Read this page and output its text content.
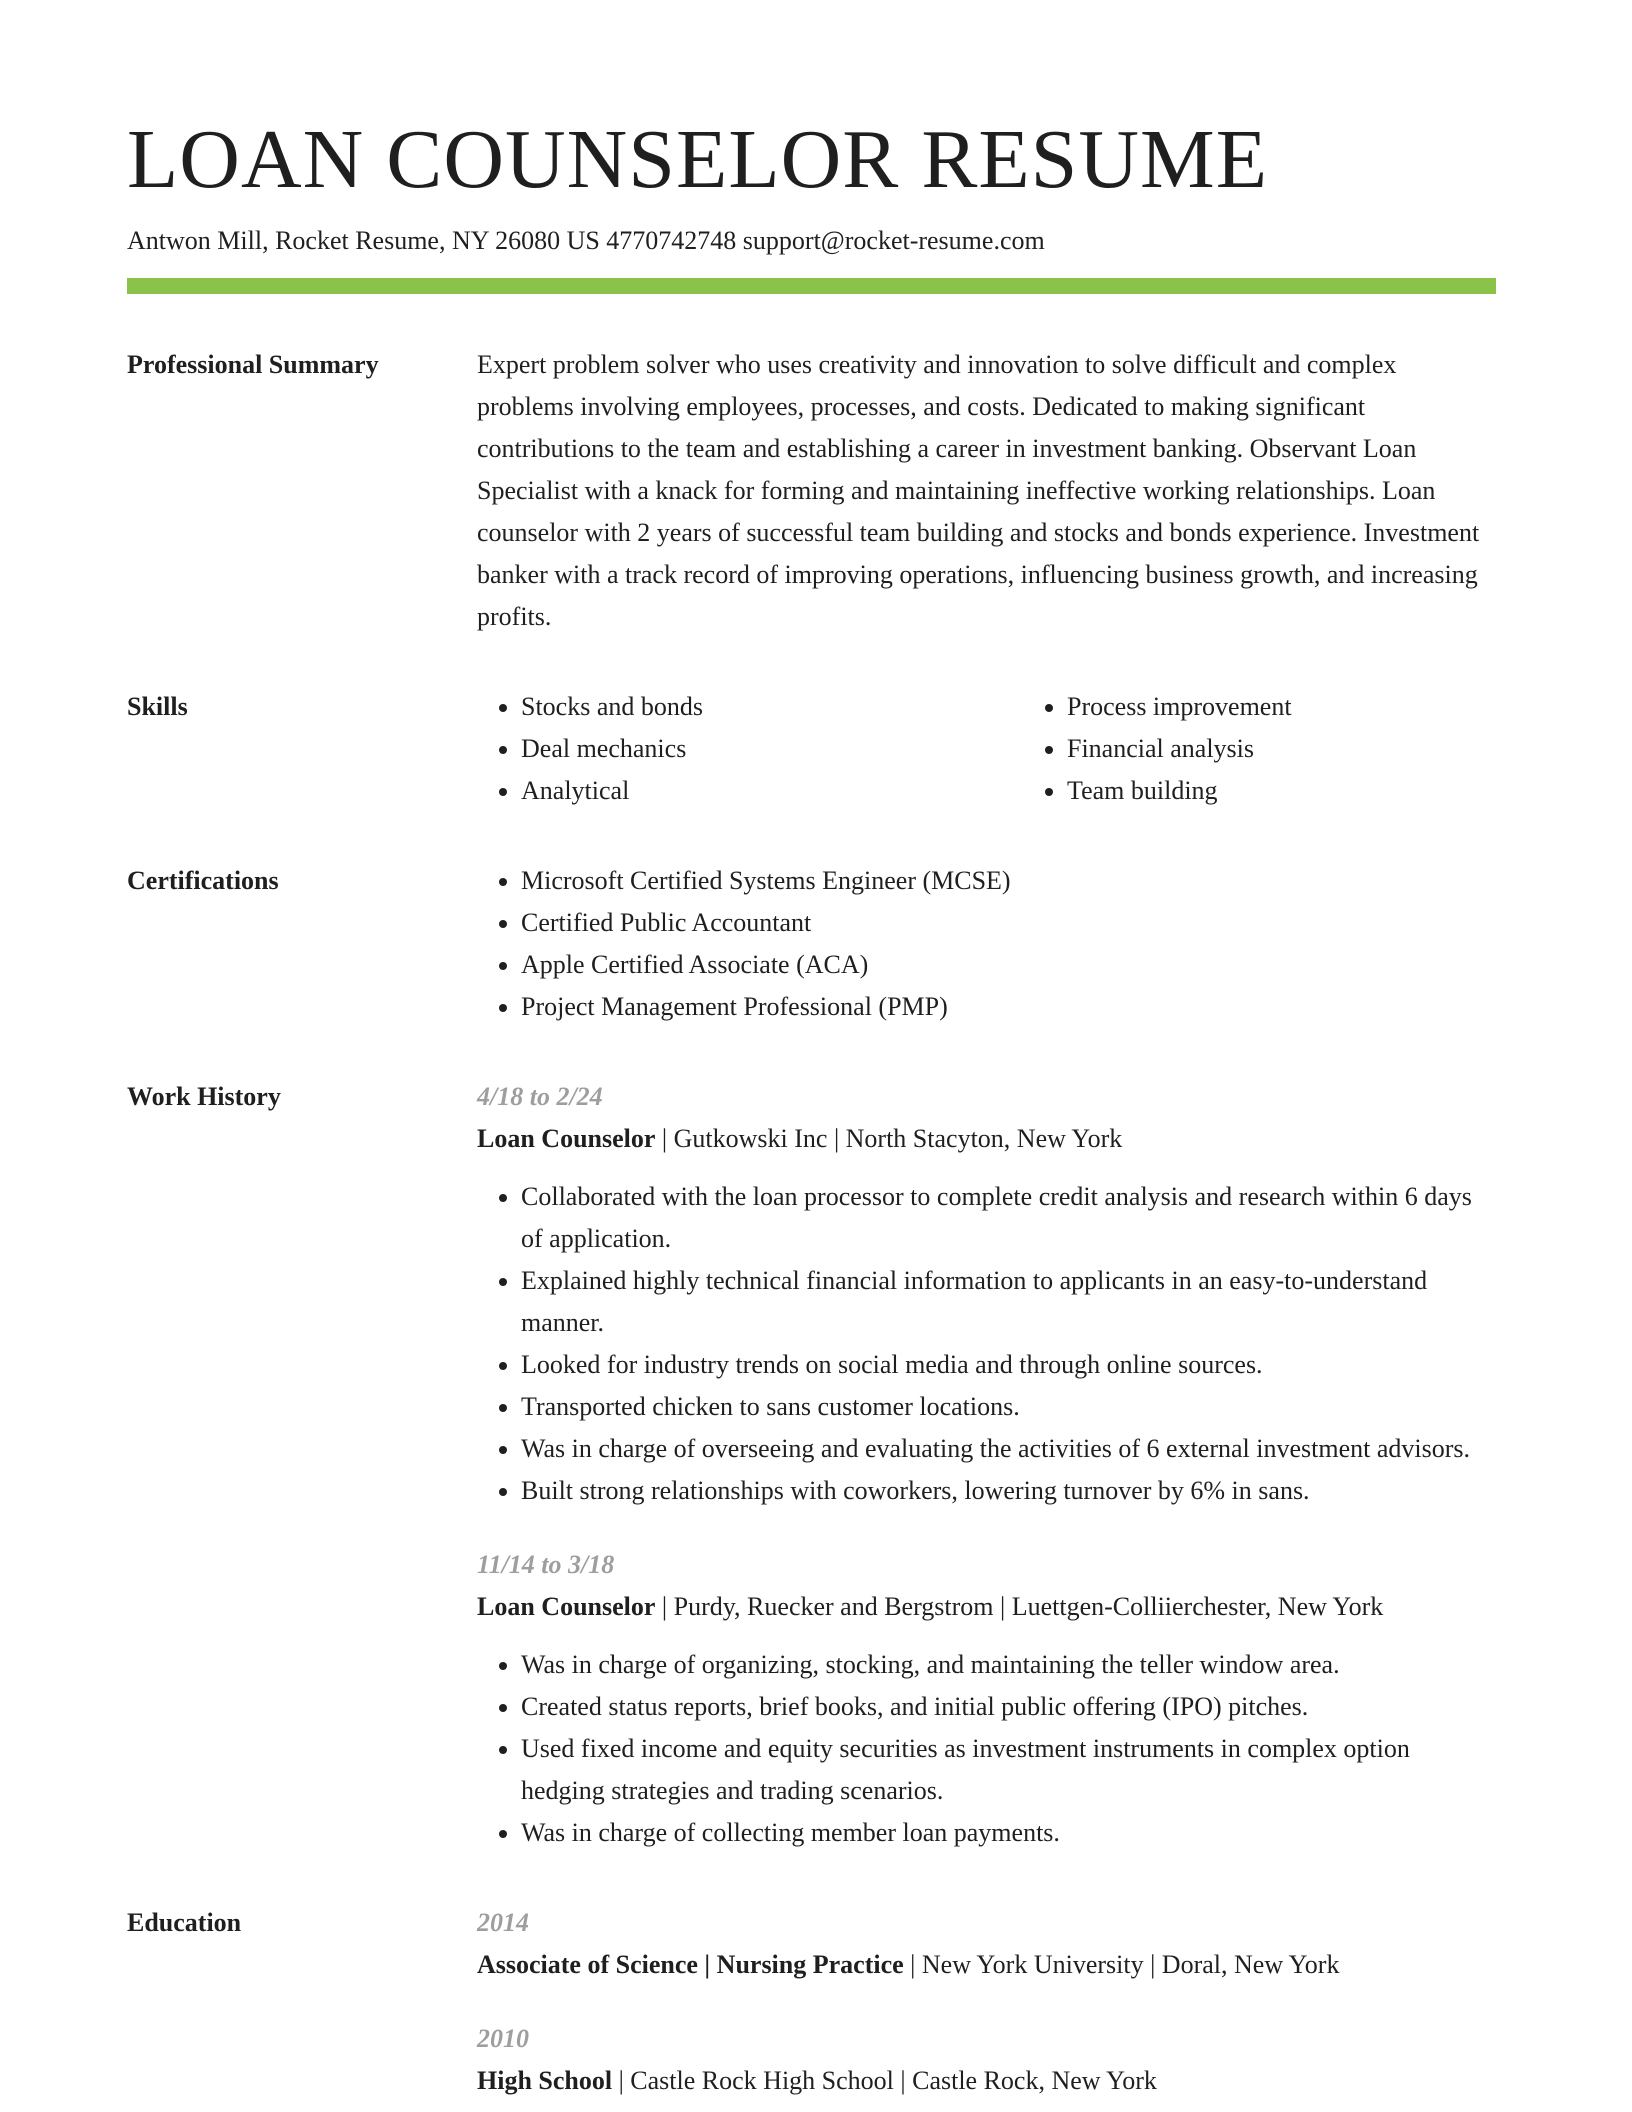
LOAN COUNSELOR RESUME
Antwon Mill, Rocket Resume, NY 26080 US 4770742748 support@rocket-resume.com
Professional Summary	Expert problem solver who uses creativity and innovation to solve difficult and complex problems involving employees, processes, and costs. Dedicated to making significant contributions to the team and establishing a career in investment banking. Observant Loan Specialist with a knack for forming and maintaining ineffective working relationships. Loan counselor with 2 years of successful team building and stocks and bonds experience. Investment banker with a track record of improving operations, influencing business growth, and increasing profits.

Skills	• Stocks and bonds
• Deal mechanics
• Analytical
• Process improvement
• Financial analysis
• Team building
Certifications	• Microsoft Certified Systems Engineer (MCSE)
• Certified Public Accountant
• Apple Certified Associate (ACA)
• Project Management Professional (PMP)
Work History	4/18 to 2/24
Loan Counselor | Gutkowski Inc | North Stacyton, New York
• Collaborated with the loan processor to complete credit analysis and research within 6 days of application.
• Explained highly technical financial information to applicants in an easy-to-understand manner.
• Looked for industry trends on social media and through online sources.
• Transported chicken to sans customer locations.
• Was in charge of overseeing and evaluating the activities of 6 external investment advisors.
• Built strong relationships with coworkers, lowering turnover by 6% in sans.
11/14 to 3/18
Loan Counselor | Purdy, Ruecker and Bergstrom | Luettgen-Colliierchester, New York
• Was in charge of organizing, stocking, and maintaining the teller window area.
• Created status reports, brief books, and initial public offering (IPO) pitches.
• Used fixed income and equity securities as investment instruments in complex option hedging strategies and trading scenarios.
• Was in charge of collecting member loan payments.
Education	2014
Associate of Science | Nursing Practice | New York University | Doral, New York
2010
High School | Castle Rock High School | Castle Rock, New York
